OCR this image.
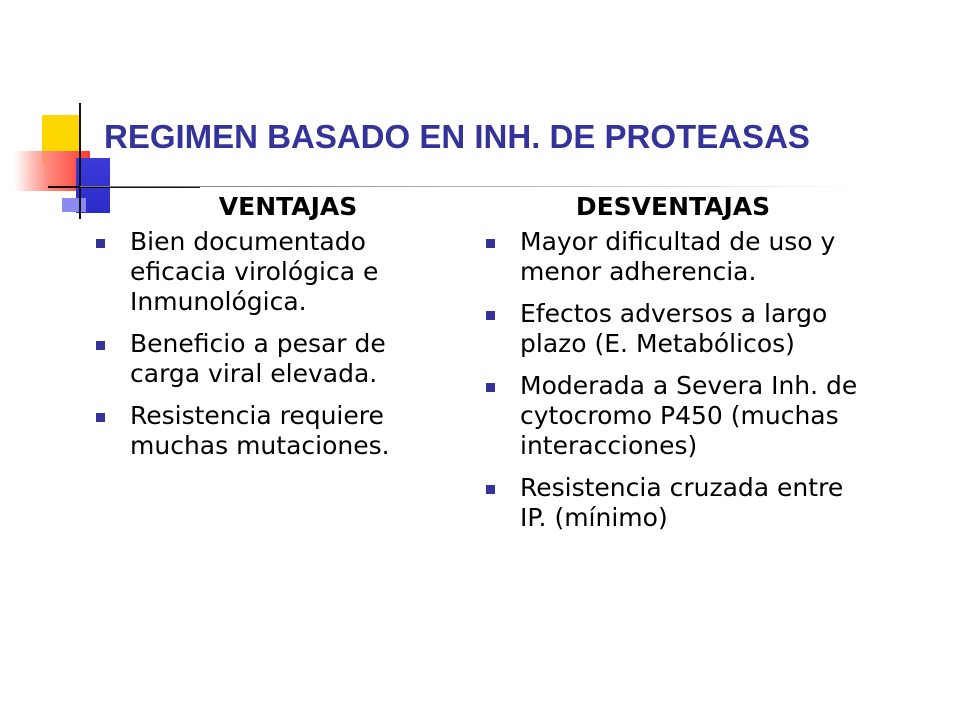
REGIMEN BASADO EN INH. DE PROTEASAS
VENTAJAS
Bien documentado eficacia virológica e Inmunológica.
Beneficio a pesar de carga viral elevada.
Resistencia requiere muchas mutaciones.
DESVENTAJAS
Mayor dificultad de uso y menor adherencia.
Efectos adversos a largo plazo (E. Metabólicos)
Moderada a Severa Inh. de cytocromo P450 (muchas interacciones)
Resistencia cruzada entre IP. (mínimo)
